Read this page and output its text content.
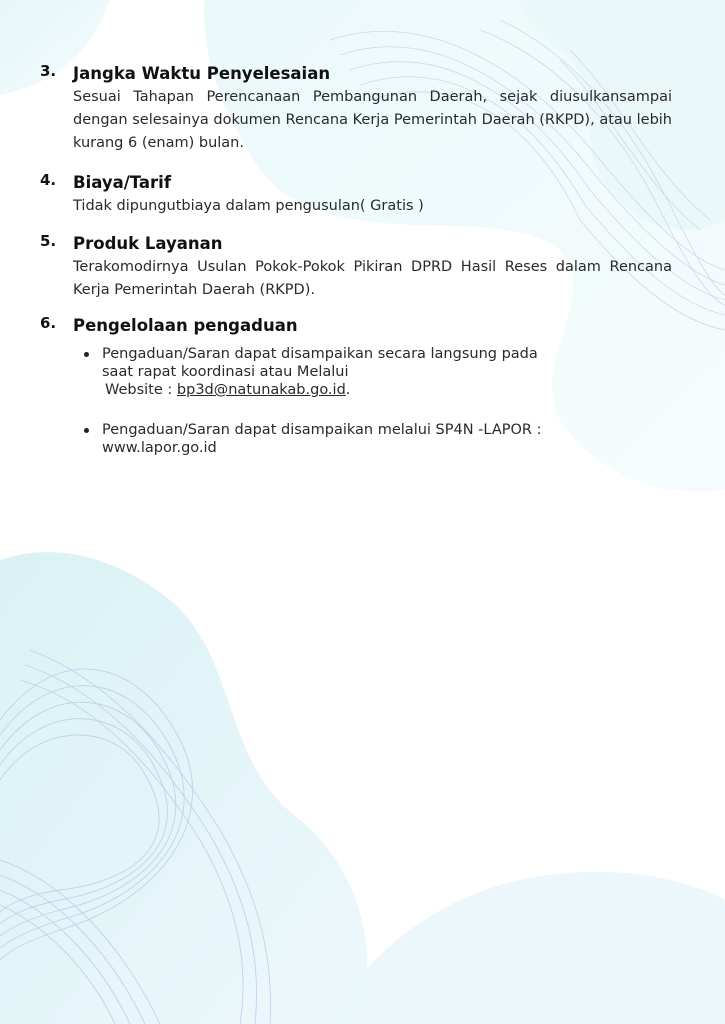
3.	Jangka Waktu Penyelesaian
Sesuai Tahapan Perencanaan Pembangunan Daerah, sejak diusulkansampai dengan selesainya dokumen Rencana Kerja Pemerintah Daerah (RKPD), atau lebih kurang 6 (enam) bulan.
4.	Biaya/Tarif
Tidak dipungutbiaya dalam pengusulan( Gratis )
5.	Produk Layanan
Terakomodirnya Usulan Pokok-Pokok Pikiran DPRD Hasil Reses dalam Rencana Kerja Pemerintah Daerah (RKPD).
6.	Pengelolaan pengaduan
Pengaduan/Saran dapat disampaikan secara langsung pada
saat rapat koordinasi atau Melalui
Website : bp3d@natunakab.go.id.
Pengaduan/Saran dapat disampaikan melalui SP4N -LAPOR :
www.lapor.go.id
